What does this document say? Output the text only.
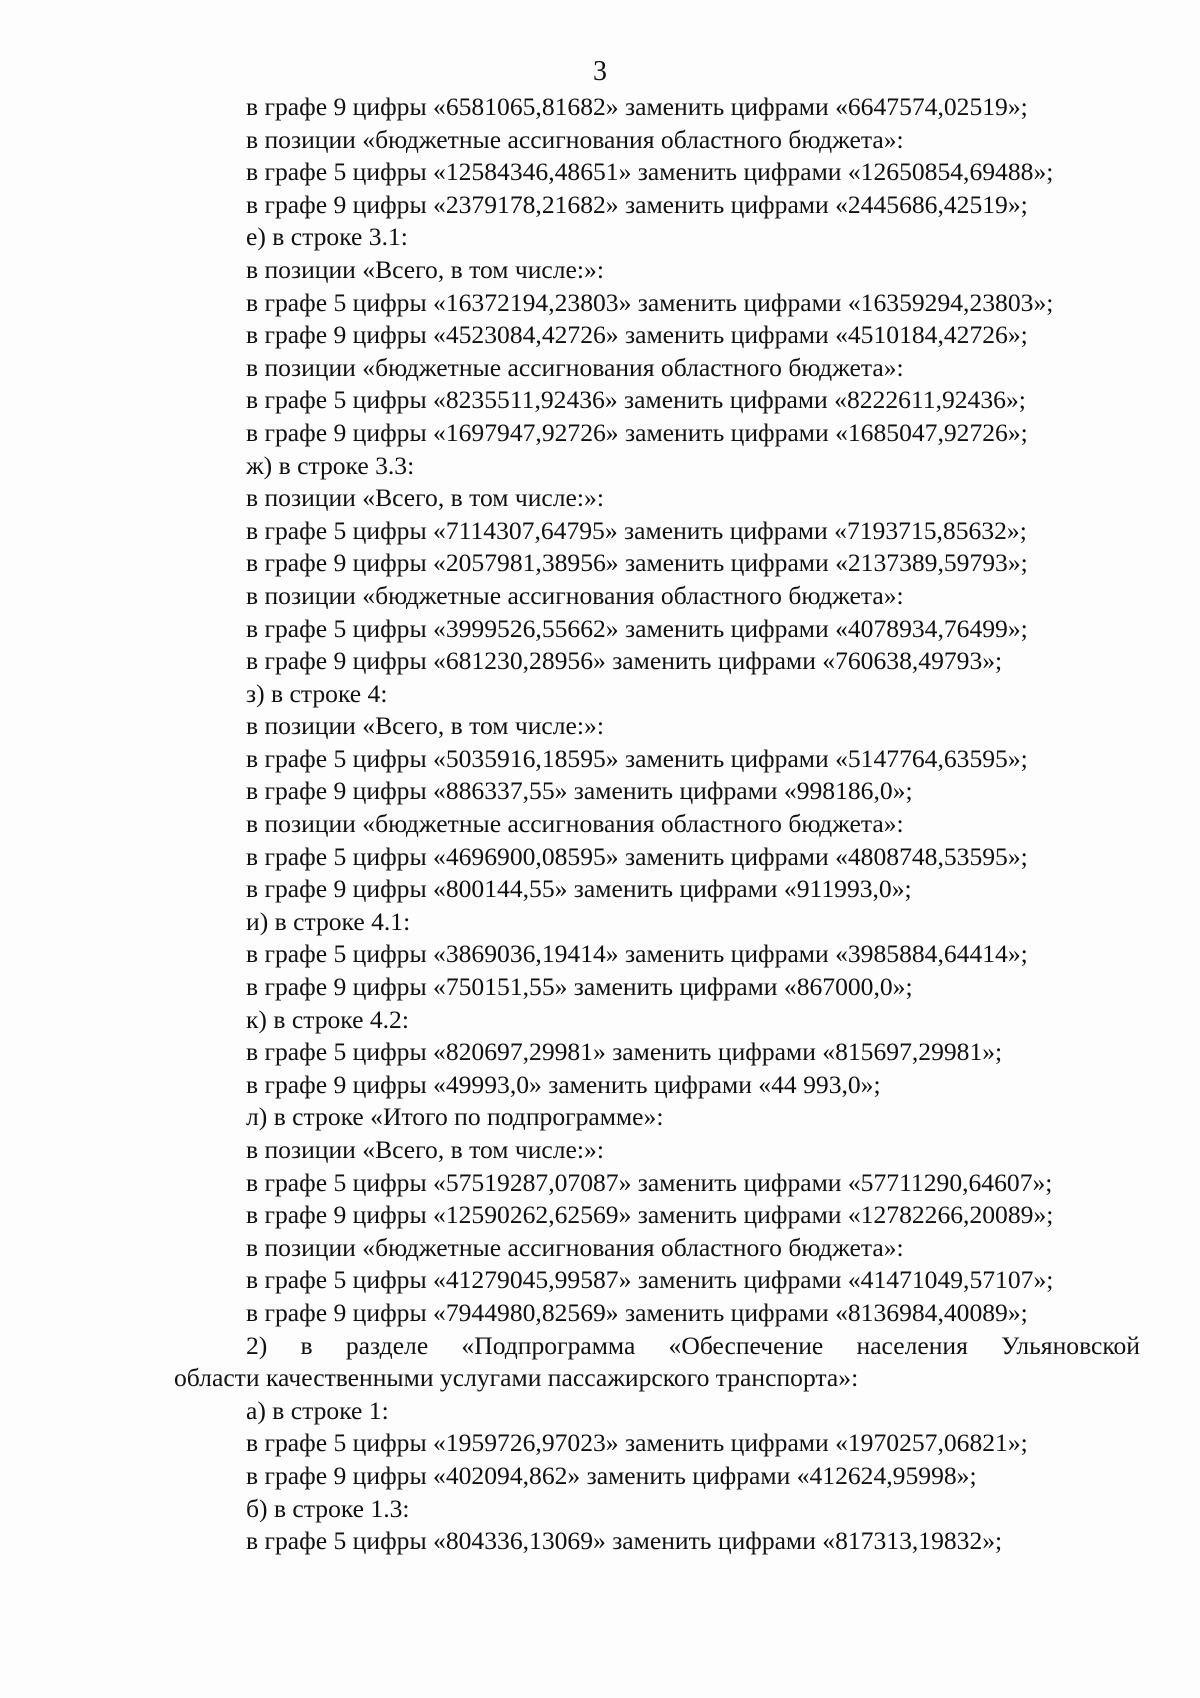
3
в графе 9 цифры «6581065,81682» заменить цифрами «6647574,02519»;
в позиции «бюджетные ассигнования областного бюджета»:
в графе 5 цифры «12584346,48651» заменить цифрами «12650854,69488»;
в графе 9 цифры «2379178,21682» заменить цифрами «2445686,42519»;
е) в строке 3.1:
в позиции «Всего, в том числе:»:
в графе 5 цифры «16372194,23803» заменить цифрами «16359294,23803»;
в графе 9 цифры «4523084,42726» заменить цифрами «4510184,42726»;
в позиции «бюджетные ассигнования областного бюджета»:
в графе 5 цифры «8235511,92436» заменить цифрами «8222611,92436»;
в графе 9 цифры «1697947,92726» заменить цифрами «1685047,92726»;
ж) в строке 3.3:
в позиции «Всего, в том числе:»:
в графе 5 цифры «7114307,64795» заменить цифрами «7193715,85632»;
в графе 9 цифры «2057981,38956» заменить цифрами «2137389,59793»;
в позиции «бюджетные ассигнования областного бюджета»:
в графе 5 цифры «3999526,55662» заменить цифрами «4078934,76499»;
в графе 9 цифры «681230,28956» заменить цифрами «760638,49793»;
з) в строке 4:
в позиции «Всего, в том числе:»:
в графе 5 цифры «5035916,18595» заменить цифрами «5147764,63595»;
в графе 9 цифры «886337,55» заменить цифрами «998186,0»;
в позиции «бюджетные ассигнования областного бюджета»:
в графе 5 цифры «4696900,08595» заменить цифрами «4808748,53595»;
в графе 9 цифры «800144,55» заменить цифрами «911993,0»;
и) в строке 4.1:
в графе 5 цифры «3869036,19414» заменить цифрами «3985884,64414»;
в графе 9 цифры «750151,55» заменить цифрами «867000,0»;
к) в строке 4.2:
в графе 5 цифры «820697,29981» заменить цифрами «815697,29981»;
в графе 9 цифры «49993,0» заменить цифрами «44 993,0»;
л) в строке «Итого по подпрограмме»:
в позиции «Всего, в том числе:»:
в графе 5 цифры «57519287,07087» заменить цифрами «57711290,64607»;
в графе 9 цифры «12590262,62569» заменить цифрами «12782266,20089»;
в позиции «бюджетные ассигнования областного бюджета»:
в графе 5 цифры «41279045,99587» заменить цифрами «41471049,57107»;
в графе 9 цифры «7944980,82569» заменить цифрами «8136984,40089»;
2) в разделе «Подпрограмма «Обеспечение населения Ульяновской
области качественными услугами пассажирского транспорта»:
а) в строке 1:
в графе 5 цифры «1959726,97023» заменить цифрами «1970257,06821»;
в графе 9 цифры «402094,862» заменить цифрами «412624,95998»;
б) в строке 1.3:
в графе 5 цифры «804336,13069» заменить цифрами «817313,19832»;
